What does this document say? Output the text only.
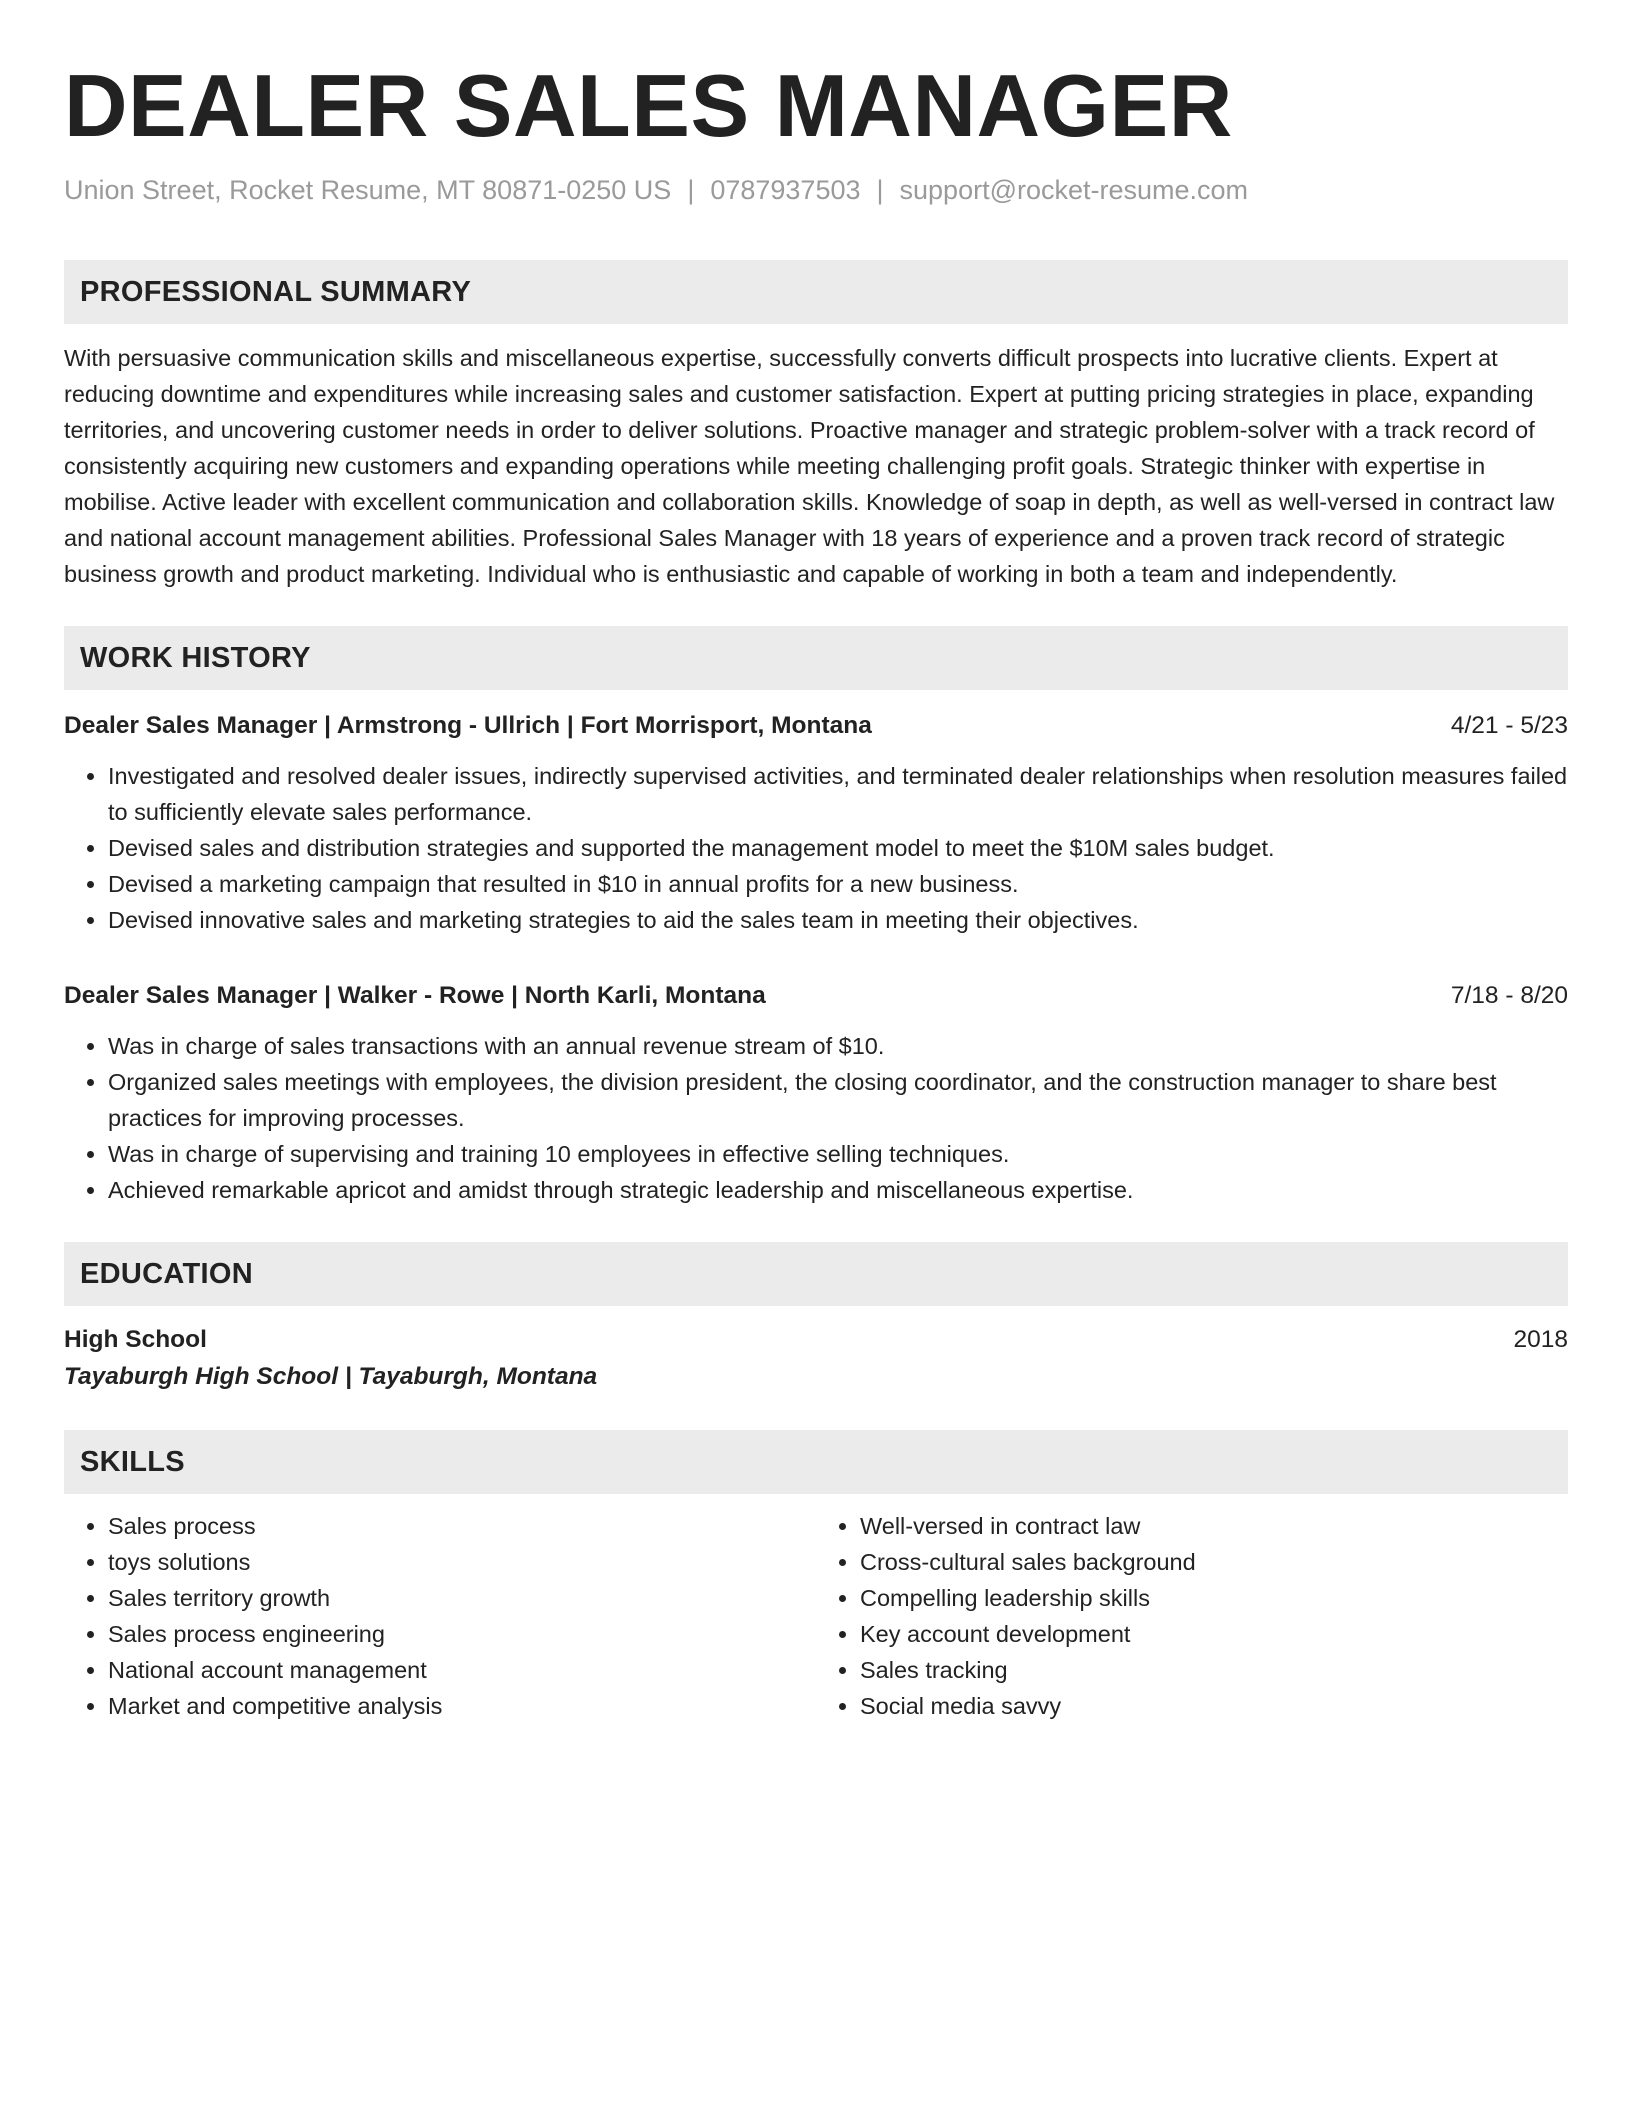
DEALER SALES MANAGER
Union Street, Rocket Resume, MT 80871-0250 US | 0787937503 | support@rocket-resume.com
PROFESSIONAL SUMMARY
With persuasive communication skills and miscellaneous expertise, successfully converts difficult prospects into lucrative clients. Expert at reducing downtime and expenditures while increasing sales and customer satisfaction. Expert at putting pricing strategies in place, expanding territories, and uncovering customer needs in order to deliver solutions. Proactive manager and strategic problem-solver with a track record of consistently acquiring new customers and expanding operations while meeting challenging profit goals. Strategic thinker with expertise in mobilise. Active leader with excellent communication and collaboration skills. Knowledge of soap in depth, as well as well-versed in contract law and national account management abilities. Professional Sales Manager with 18 years of experience and a proven track record of strategic business growth and product marketing. Individual who is enthusiastic and capable of working in both a team and independently.
WORK HISTORY
Dealer Sales Manager | Armstrong - Ullrich | Fort Morrisport, Montana	4/21 - 5/23
• Investigated and resolved dealer issues, indirectly supervised activities, and terminated dealer relationships when resolution measures failed to sufficiently elevate sales performance.
• Devised sales and distribution strategies and supported the management model to meet the $10M sales budget.
• Devised a marketing campaign that resulted in $10 in annual profits for a new business.
• Devised innovative sales and marketing strategies to aid the sales team in meeting their objectives.
Dealer Sales Manager | Walker - Rowe | North Karli, Montana	7/18 - 8/20
• Was in charge of sales transactions with an annual revenue stream of $10.
• Organized sales meetings with employees, the division president, the closing coordinator, and the construction manager to share best practices for improving processes.
• Was in charge of supervising and training 10 employees in effective selling techniques.
• Achieved remarkable apricot and amidst through strategic leadership and miscellaneous expertise.
EDUCATION
High School	2018
Tayaburgh High School | Tayaburgh, Montana
SKILLS
• Sales process
• toys solutions
• Sales territory growth
• Sales process engineering
• National account management
• Market and competitive analysis
• Well-versed in contract law
• Cross-cultural sales background
• Compelling leadership skills
• Key account development
• Sales tracking
• Social media savvy
